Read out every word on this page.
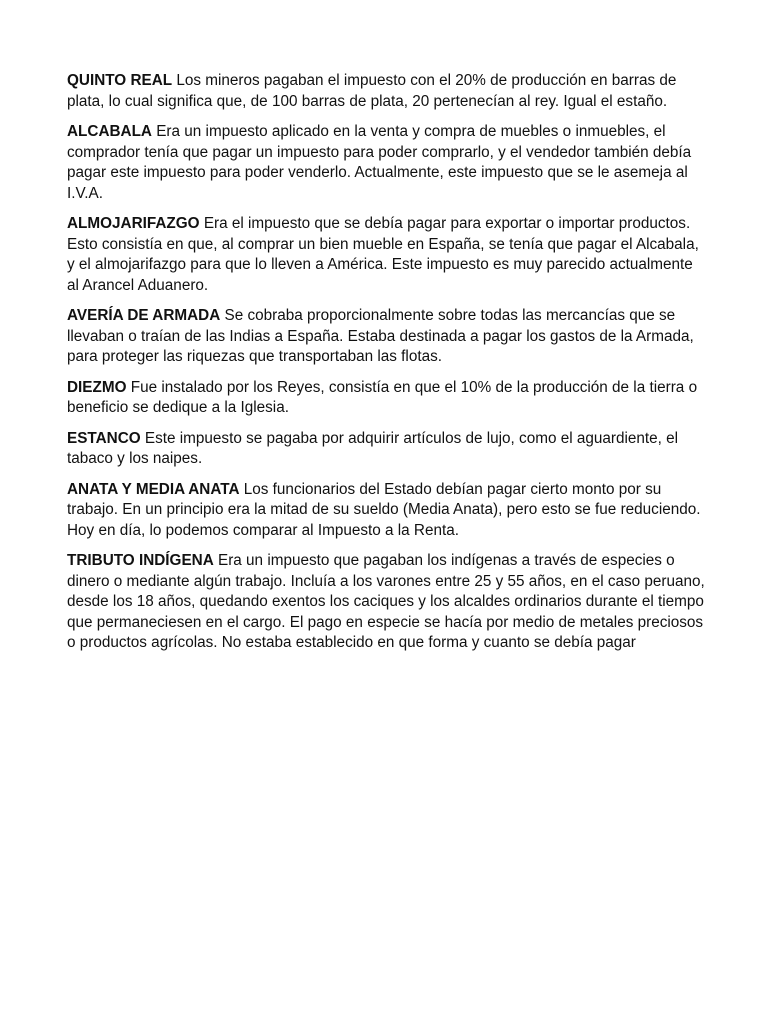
QUINTO REAL Los mineros pagaban el impuesto con el 20% de producción en barras de plata, lo cual significa que, de 100 barras de plata, 20 pertenecían al rey. Igual el estaño.

ALCABALA Era un impuesto aplicado en la venta y compra de muebles o inmuebles, el comprador tenía que pagar un impuesto para poder comprarlo, y el vendedor también debía pagar este impuesto para poder venderlo. Actualmente, este impuesto que se le asemeja al I.V.A.

ALMOJARIFAZGO Era el impuesto que se debía pagar para exportar o importar productos. Esto consistía en que, al comprar un bien mueble en España, se tenía que pagar el Alcabala, y el almojarifazgo para que lo lleven a América. Este impuesto es muy parecido actualmente al Arancel Aduanero.

AVERÍA DE ARMADA Se cobraba proporcionalmente sobre todas las mercancías que se llevaban o traían de las Indias a España. Estaba destinada a pagar los gastos de la Armada, para proteger las riquezas que transportaban las flotas.

DIEZMO Fue instalado por los Reyes, consistía en que el 10% de la producción de la tierra o beneficio se dedique a la Iglesia.

ESTANCO Este impuesto se pagaba por adquirir artículos de lujo, como el aguardiente, el tabaco y los naipes.

ANATA Y MEDIA ANATA Los funcionarios del Estado debían pagar cierto monto por su trabajo. En un principio era la mitad de su sueldo (Media Anata), pero esto se fue reduciendo. Hoy en día, lo podemos comparar al Impuesto a la Renta.

TRIBUTO INDÍGENA Era un impuesto que pagaban los indígenas a través de especies o dinero o mediante algún trabajo. Incluía a los varones entre 25 y 55 años, en el caso peruano, desde los 18 años, quedando exentos los caciques y los alcaldes ordinarios durante el tiempo que permaneciesen en el cargo. El pago en especie se hacía por medio de metales preciosos o productos agrícolas. No estaba establecido en que forma y cuanto se debía pagar
